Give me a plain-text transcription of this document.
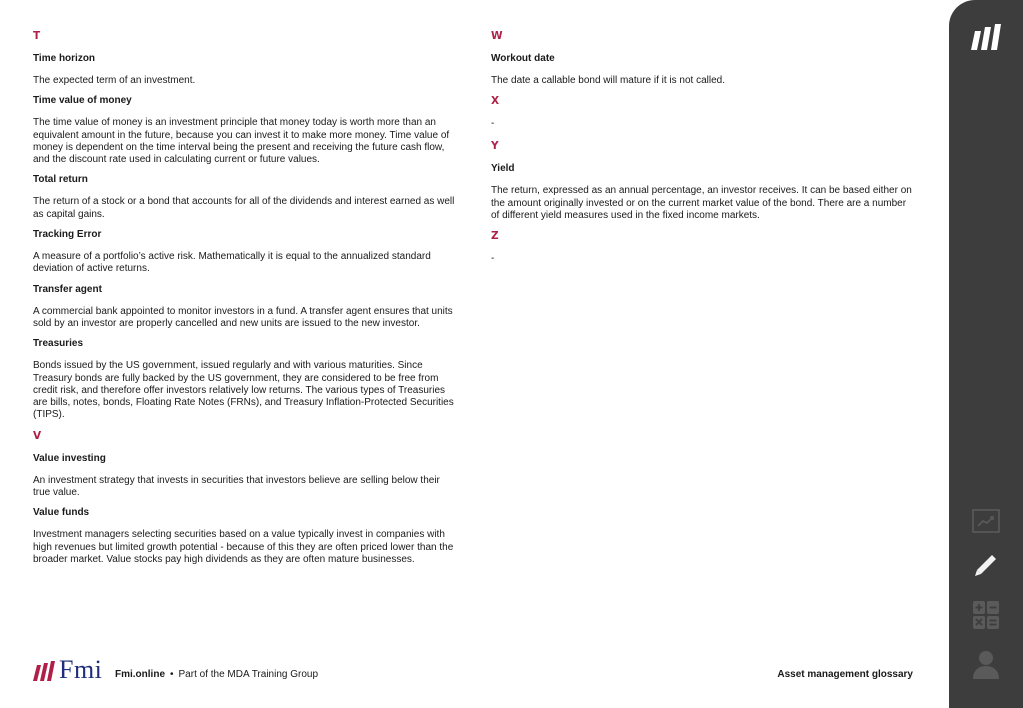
T
Time horizon
The expected term of an investment.
Time value of money
The time value of money is an investment principle that money today is worth more than an equivalent amount in the future, because you can invest it to make more money. Time value of money is dependent on the time interval being the present and receiving the future cash flow, and the discount rate used in calculating current or future values.
Total return
The return of a stock or a bond that accounts for all of the dividends and interest earned as well as capital gains.
Tracking Error
A measure of a portfolio’s active risk. Mathematically it is equal to the annualized standard deviation of active returns.
Transfer agent
A commercial bank appointed to monitor investors in a fund. A transfer agent ensures that units sold by an investor are properly cancelled and new units are issued to the new investor.
Treasuries
Bonds issued by the US government, issued regularly and with various maturities. Since Treasury bonds are fully backed by the US government, they are considered to be free from credit risk, and therefore offer investors relatively low returns. The various types of Treasuries are bills, notes, bonds, Floating Rate Notes (FRNs), and Treasury Inflation-Protected Securities (TIPS).
V
Value investing
An investment strategy that invests in securities that investors believe are selling below their true value.
Value funds
Investment managers selecting securities based on a value typically invest in companies with high revenues but limited growth potential - because of this they are often priced lower than the broader market. Value stocks pay high dividends as they are often mature businesses.
W
Workout date
The date a callable bond will mature if it is not called.
X
-
Y
Yield
The return, expressed as an annual percentage, an investor receives. It can be based either on the amount originally invested or on the current market value of the bond. There are a number of different yield measures used in the fixed income markets.
Z
-
Fmi Fmi.online • Part of the MDA Training Group	Asset management glossary
